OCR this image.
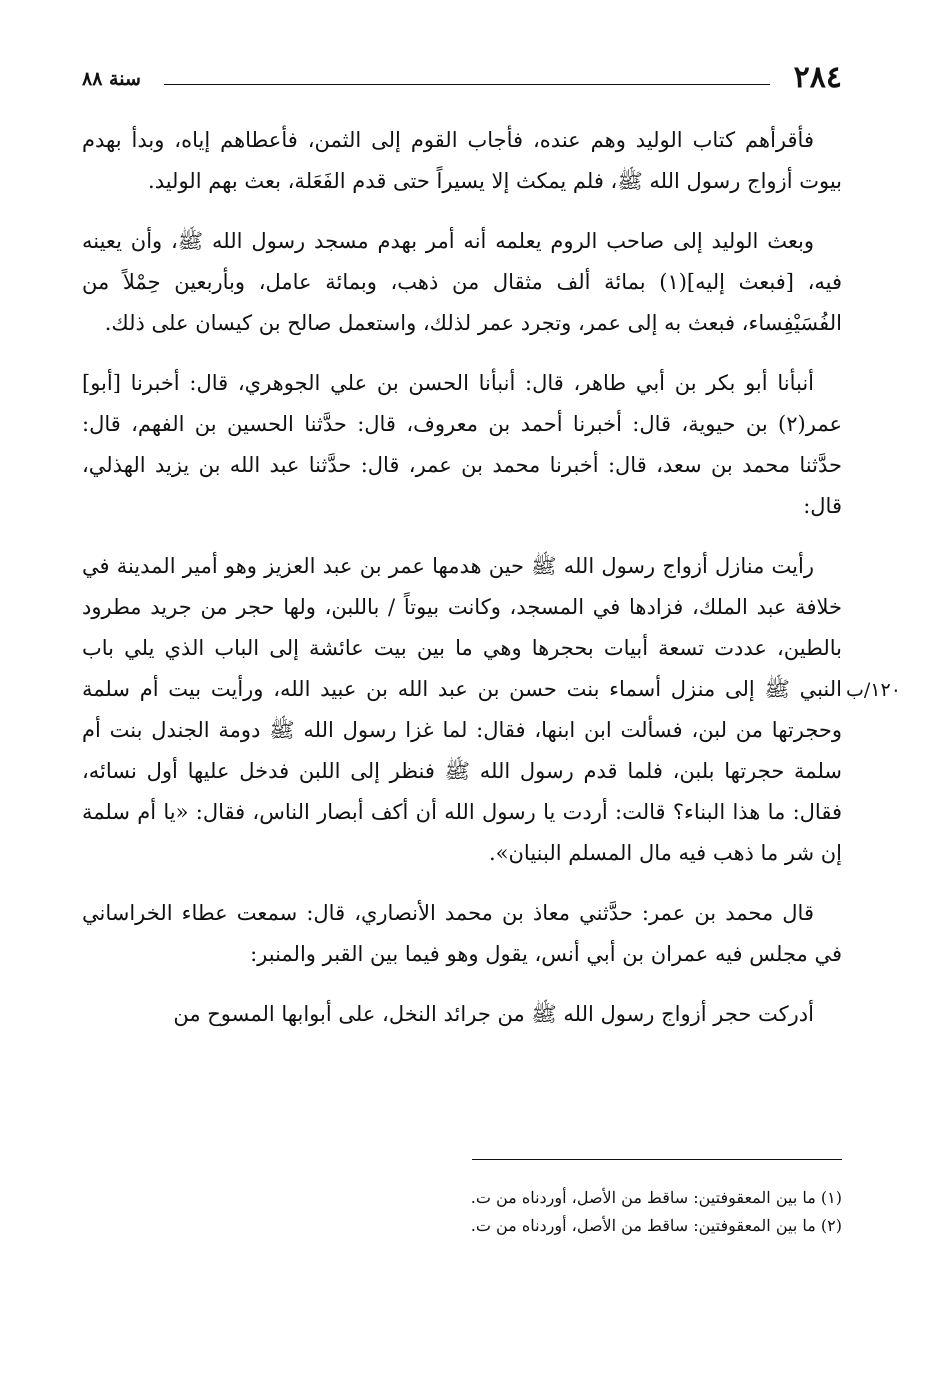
٢٨٤
سنة ٨٨

فأقرأهم كتاب الوليد وهم عنده، فأجاب القوم إلى الثمن، فأعطاهم إياه، وبدأ بهدم بيوت أزواج رسول الله ﷺ، فلم يمكث إلا يسيراً حتى قدم الفَعَلة، بعث بهم الوليد.

وبعث الوليد إلى صاحب الروم يعلمه أنه أمر بهدم مسجد رسول الله ﷺ، وأن يعينه فيه، [فبعث إليه](١) بمائة ألف مثقال من ذهب، وبمائة عامل، وبأربعين حِمْلاً من الفُسَيْفِساء، فبعث به إلى عمر، وتجرد عمر لذلك، واستعمل صالح بن كيسان على ذلك.

أنبأنا أبو بكر بن أبي طاهر، قال: أنبأنا الحسن بن علي الجوهري، قال: أخبرنا [أبو] عمر(٢) بن حيوية، قال: أخبرنا أحمد بن معروف، قال: حدَّثنا الحسين بن الفهم، قال: حدَّثنا محمد بن سعد، قال: أخبرنا محمد بن عمر، قال: حدَّثنا عبد الله بن يزيد الهذلي، قال:

رأيت منازل أزواج رسول الله ﷺ حين هدمها عمر بن عبد العزيز وهو أمير المدينة في خلافة عبد الملك، فزادها في المسجد، وكانت بيوتاً / باللبن، ولها حجر من جريد مطرود بالطين، عددت تسعة أبيات بحجرها وهي ما بين بيت عائشة إلى الباب الذي يلي باب النبي ﷺ إلى منزل أسماء بنت حسن بن عبد الله بن عبيد الله، ورأيت بيت أم سلمة وحجرتها من لبن، فسألت ابن ابنها، فقال: لما غزا رسول الله ﷺ دومة الجندل بنت أم سلمة حجرتها بلبن، فلما قدم رسول الله ﷺ فنظر إلى اللبن فدخل عليها أول نسائه، فقال: ما هذا البناء؟ قالت: أردت يا رسول الله أن أكف أبصار الناس، فقال: «يا أم سلمة إن شر ما ذهب فيه مال المسلم البنيان».

قال محمد بن عمر: حدَّثني معاذ بن محمد الأنصاري، قال: سمعت عطاء الخراساني في مجلس فيه عمران بن أبي أنس، يقول وهو فيما بين القبر والمنبر:

أدركت حجر أزواج رسول الله ﷺ من جرائد النخل، على أبوابها المسوح من

١٢٠/ب

(١) ما بين المعقوفتين: ساقط من الأصل، أوردناه من ت.

(٢) ما بين المعقوفتين: ساقط من الأصل، أوردناه من ت.
